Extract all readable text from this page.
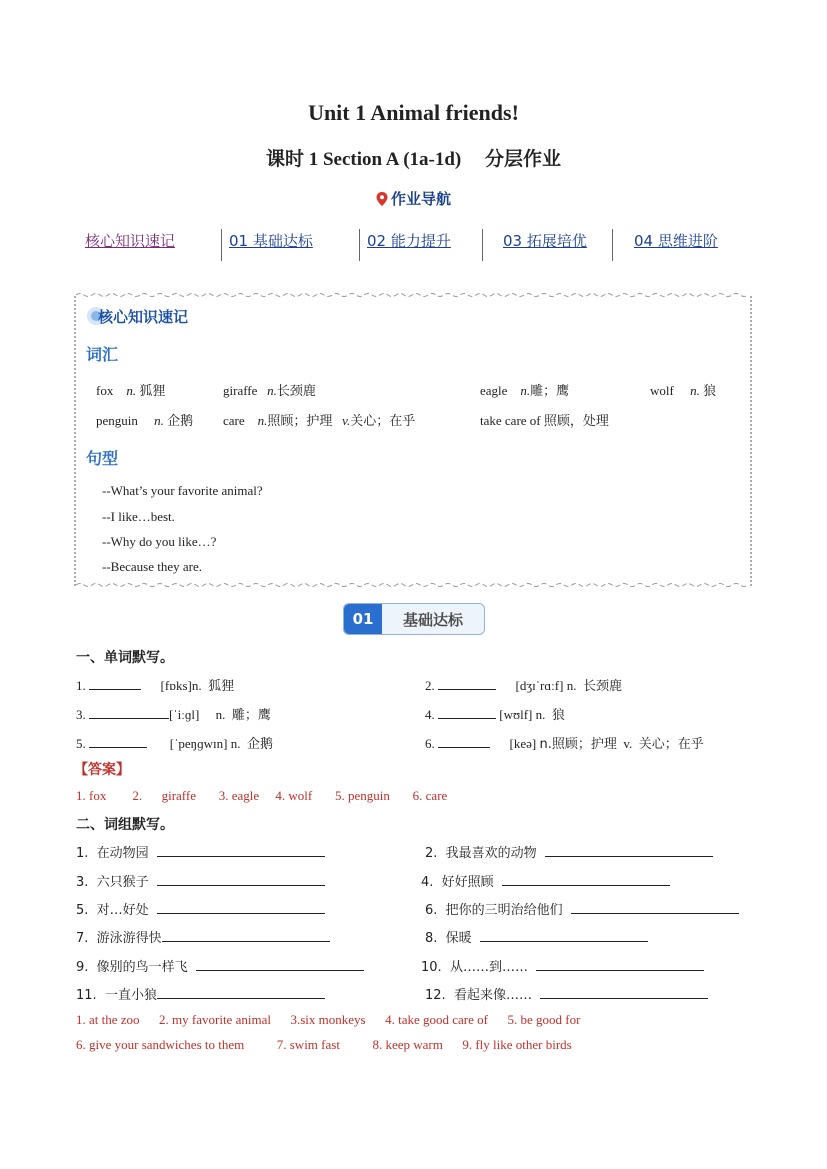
Unit 1 Animal friends!
课时 1 Section A (1a-1d)　 分层作业
作业导航
核心知识速记	01 基础达标	02 能力提升	03 拓展培优	04 思维进阶
核心知识速记
词汇
fox n. 狐狸	giraffe n.长颈鹿	eagle n.雕；鹰	wolf n. 狼
penguin n. 企鹅 care n.照顾；护理 v.关心；在乎	take care of 照顾，处理
句型
--What’s your favorite animal?
--I like…best.
--Why do you like…?
--Because they are.
01	基础达标
一、单词默写。
1.	[fɒks]n. 狐狸	2.	[dʒɪˈrɑːf] n. 长颈鹿
3.	[ˈiːɡl] n. 雕；鹰	4.	[wʊlf] n. 狼
5.	[ˈpeŋɡwɪn] n. 企鹅	6.	[keə] n.照顾；护理 v. 关心；在乎
【答案】
1. fox 2. giraffe 3. eagle 4. wolf 5. penguin 6. care
二、词组默写。
1. 在动物园	2. 我最喜欢的动物
3. 六只猴子	4. 好好照顾
5. 对…好处	6. 把你的三明治给他们
7. 游泳游得快	8. 保暖
9. 像别的鸟一样飞	10. 从……到……
11. 一直小狼	12. 看起来像……
1. at the zoo 2. my favorite animal 3.six monkeys 4. take good care of 5. be good for
6. give your sandwiches to them	7. swim fast	8. keep warm 9. fly like other birds
